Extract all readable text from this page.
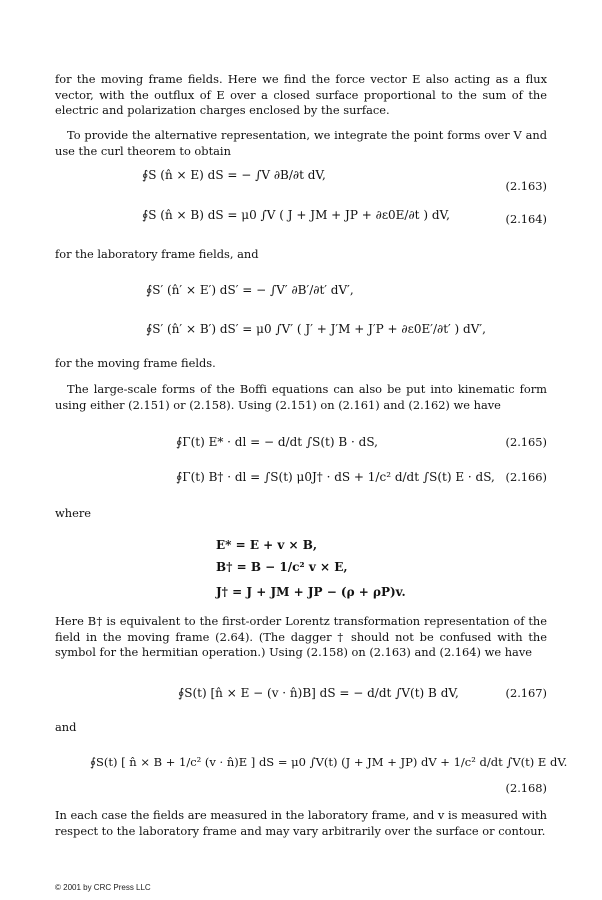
for the moving frame fields. Here we find the force vector E also acting as a flux vector, with the outflux of E over a closed surface proportional to the sum of the electric and polarization charges enclosed by the surface.

To provide the alternative representation, we integrate the point forms over V and use the curl theorem to obtain

∮S (n̂ × E) dS = − ∫V ∂B/∂t dV,
(2.163)
∮S (n̂ × B) dS = μ0 ∫V ( J + JM + JP + ∂ε0E/∂t ) dV,	(2.164)

for the laboratory frame fields, and

∮S′ (n̂′ × E′) dS′ = − ∫V′ ∂B′/∂t′ dV′,
∮S′ (n̂′ × B′) dS′ = μ0 ∫V′ ( J′ + J′M + J′P + ∂ε0E′/∂t′ ) dV′,

for the moving frame fields.

The large-scale forms of the Boffi equations can also be put into kinematic form using either (2.151) or (2.158). Using (2.151) on (2.161) and (2.162) we have

∮Γ(t) E* · dl = − d/dt ∫S(t) B · dS,	(2.165)
∮Γ(t) B† · dl = ∫S(t) μ0J† · dS + 1/c² d/dt ∫S(t) E · dS, (2.166)

where

E* = E + v × B,
B† = B − 1/c² v × E,
J† = J + JM + JP − (ρ + ρP)v.

Here B† is equivalent to the first-order Lorentz transformation representation of the field in the moving frame (2.64). (The dagger † should not be confused with the symbol for the hermitian operation.) Using (2.158) on (2.163) and (2.164) we have

∮S(t) [n̂ × E − (v · n̂)B] dS = − d/dt ∫V(t) B dV,	(2.167)

and

∮S(t) [ n̂ × B + 1/c² (v · n̂)E ] dS = μ0 ∫V(t) (J + JM + JP) dV + 1/c² d/dt ∫V(t) E dV.
(2.168)

In each case the fields are measured in the laboratory frame, and v is measured with respect to the laboratory frame and may vary arbitrarily over the surface or contour.

© 2001 by CRC Press LLC
